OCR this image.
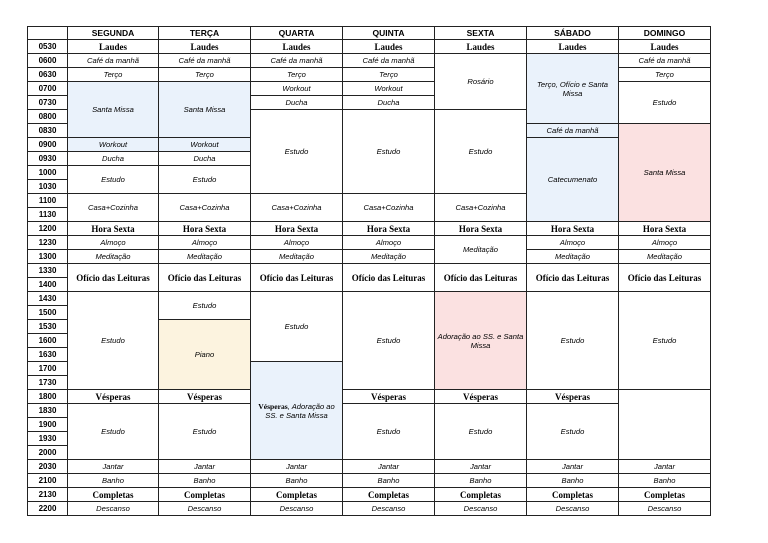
	SEGUNDA	TERÇA	QUARTA	QUINTA	SEXTA	SÁBADO	DOMINGO	
0530	Laudes	Laudes	Laudes	Laudes	Laudes	Laudes	Laudes	
0600	Café da manhã	Café da manhã	Café da manhã	Café da manhã	Rosário	Terço, Ofício e Santa Missa	Café da manhã	
0630	Terço	Terço	Terço	Terço			Terço	
0700	Santa Missa	Santa Missa	Workout	Workout			Estudo	
0730			Ducha	Ducha				
0800			Estudo	Estudo	Estudo			
0830						Café da manhã	Santa Missa	
0900	Workout	Workout				Catecumenato		
0930	Ducha	Ducha						
1000	Estudo	Estudo						
1030								
1100	Casa+Cozinha	Casa+Cozinha	Casa+Cozinha	Casa+Cozinha	Casa+Cozinha			
1130								
1200	Hora Sexta	Hora Sexta	Hora Sexta	Hora Sexta	Hora Sexta	Hora Sexta	Hora Sexta	
1230	Almoço	Almoço	Almoço	Almoço	Meditação	Almoço	Almoço	
1300	Meditação	Meditação	Meditação	Meditação		Meditação	Meditação	
1330	Ofício das Leituras	Ofício das Leituras	Ofício das Leituras	Ofício das Leituras	Ofício das Leituras	Ofício das Leituras	Ofício das Leituras	
1400								
1430	Estudo	Estudo	Estudo	Estudo	Adoração ao SS. e Santa Missa	Estudo	Estudo	
1500								
1530		Piano						
1600								
1630								
1700			Vésperas, Adoração ao SS. e Santa Missa	
1730								
1800	Vésperas	Vésperas		Vésperas	Vésperas	Vésperas		
1830	Estudo	Estudo		Estudo	Estudo	Estudo		
1900								
1930								
2000								
2030	Jantar	Jantar	Jantar	Jantar	Jantar	Jantar	Jantar	
2100	Banho	Banho	Banho	Banho	Banho	Banho	Banho	
2130	Completas	Completas	Completas	Completas	Completas	Completas	Completas	
2200	Descanso	Descanso	Descanso	Descanso	Descanso	Descanso	Descanso	
